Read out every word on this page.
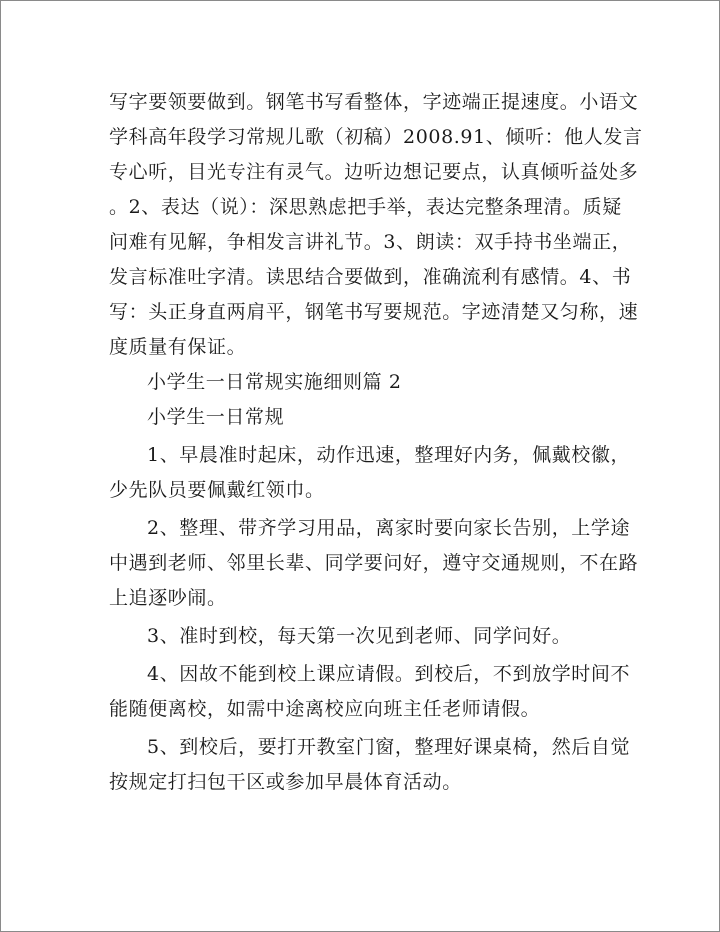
写字要领要做到。钢笔书写看整体，字迹端正提速度。小语文
学科高年段学习常规儿歌（初稿）2008.91、倾听：他人发言
专心听，目光专注有灵气。边听边想记要点，认真倾听益处多
。2、表达（说）：深思熟虑把手举，表达完整条理清。质疑
问难有见解，争相发言讲礼节。3、朗读：双手持书坐端正，
发言标准吐字清。读思结合要做到，准确流利有感情。4、书
写：头正身直两肩平，钢笔书写要规范。字迹清楚又匀称，速
度质量有保证。
小学生一日常规实施细则篇 2
小学生一日常规
1、早晨准时起床，动作迅速，整理好内务，佩戴校徽，
少先队员要佩戴红领巾。
2、整理、带齐学习用品，离家时要向家长告别，上学途
中遇到老师、邻里长辈、同学要问好，遵守交通规则，不在路
上追逐吵闹。
3、准时到校，每天第一次见到老师、同学问好。
4、因故不能到校上课应请假。到校后，不到放学时间不
能随便离校，如需中途离校应向班主任老师请假。
5、到校后，要打开教室门窗，整理好课桌椅，然后自觉
按规定打扫包干区或参加早晨体育活动。
